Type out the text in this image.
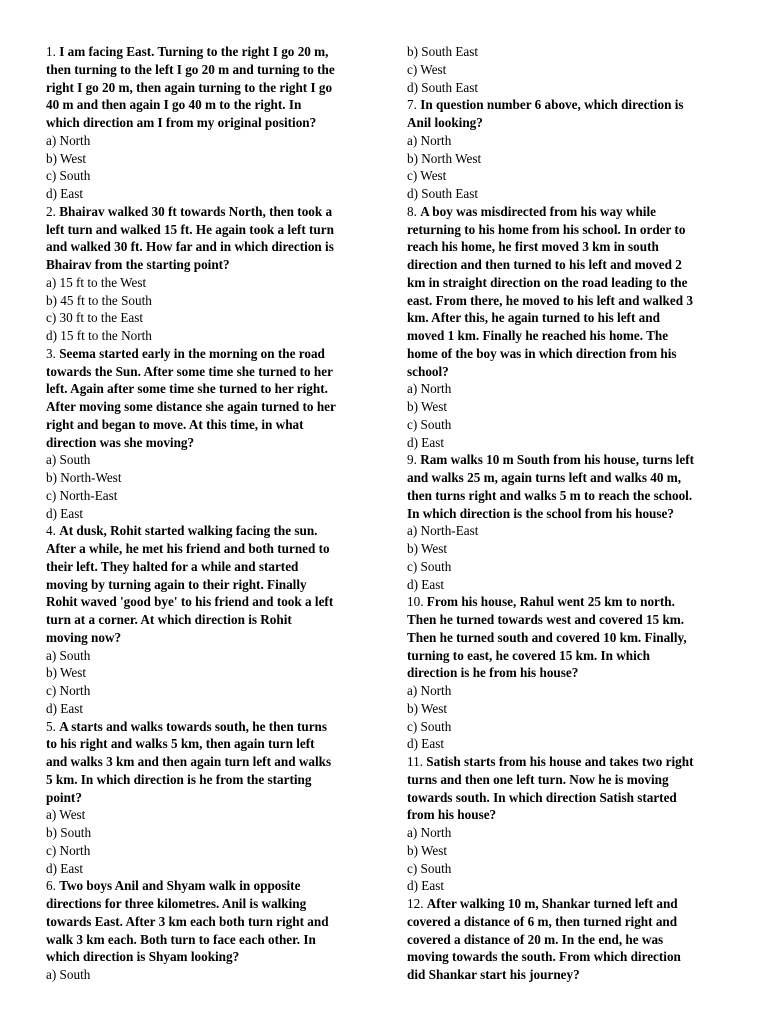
1. I am facing East. Turning to the right I go 20 m,
then turning to the left I go 20 m and turning to the
right I go 20 m, then again turning to the right I go
40 m and then again I go 40 m to the right. In
which direction am I from my original position?
a) North
b) West
c) South
d) East
2. Bhairav walked 30 ft towards North, then took a
left turn and walked 15 ft. He again took a left turn
and walked 30 ft. How far and in which direction is
Bhairav from the starting point?
a) 15 ft to the West
b) 45 ft to the South
c) 30 ft to the East
d) 15 ft to the North
3. Seema started early in the morning on the road
towards the Sun. After some time she turned to her
left. Again after some time she turned to her right.
After moving some distance she again turned to her
right and began to move. At this time, in what
direction was she moving?
a) South
b) North-West
c) North-East
d) East
4. At dusk, Rohit started walking facing the sun.
After a while, he met his friend and both turned to
their left. They halted for a while and started
moving by turning again to their right. Finally
Rohit waved 'good bye' to his friend and took a left
turn at a corner. At which direction is Rohit
moving now?
a) South
b) West
c) North
d) East
5. A starts and walks towards south, he then turns
to his right and walks 5 km, then again turn left
and walks 3 km and then again turn left and walks
5 km. In which direction is he from the starting
point?
a) West
b) South
c) North
d) East
6. Two boys Anil and Shyam walk in opposite
directions for three kilometres. Anil is walking
towards East. After 3 km each both turn right and
walk 3 km each. Both turn to face each other. In
which direction is Shyam looking?
a) South
b) South East
c) West
d) South East
7. In question number 6 above, which direction is
Anil looking?
a) North
b) North West
c) West
d) South East
8. A boy was misdirected from his way while
returning to his home from his school. In order to
reach his home, he first moved 3 km in south
direction and then turned to his left and moved 2
km in straight direction on the road leading to the
east. From there, he moved to his left and walked 3
km. After this, he again turned to his left and
moved 1 km. Finally he reached his home. The
home of the boy was in which direction from his
school?
a) North
b) West
c) South
d) East
9. Ram walks 10 m South from his house, turns left
and walks 25 m, again turns left and walks 40 m,
then turns right and walks 5 m to reach the school.
In which direction is the school from his house?
a) North-East
b) West
c) South
d) East
10. From his house, Rahul went 25 km to north.
Then he turned towards west and covered 15 km.
Then he turned south and covered 10 km. Finally,
turning to east, he covered 15 km. In which
direction is he from his house?
a) North
b) West
c) South
d) East
11. Satish starts from his house and takes two right
turns and then one left turn. Now he is moving
towards south. In which direction Satish started
from his house?
a) North
b) West
c) South
d) East
12. After walking 10 m, Shankar turned left and
covered a distance of 6 m, then turned right and
covered a distance of 20 m. In the end, he was
moving towards the south. From which direction
did Shankar start his journey?
